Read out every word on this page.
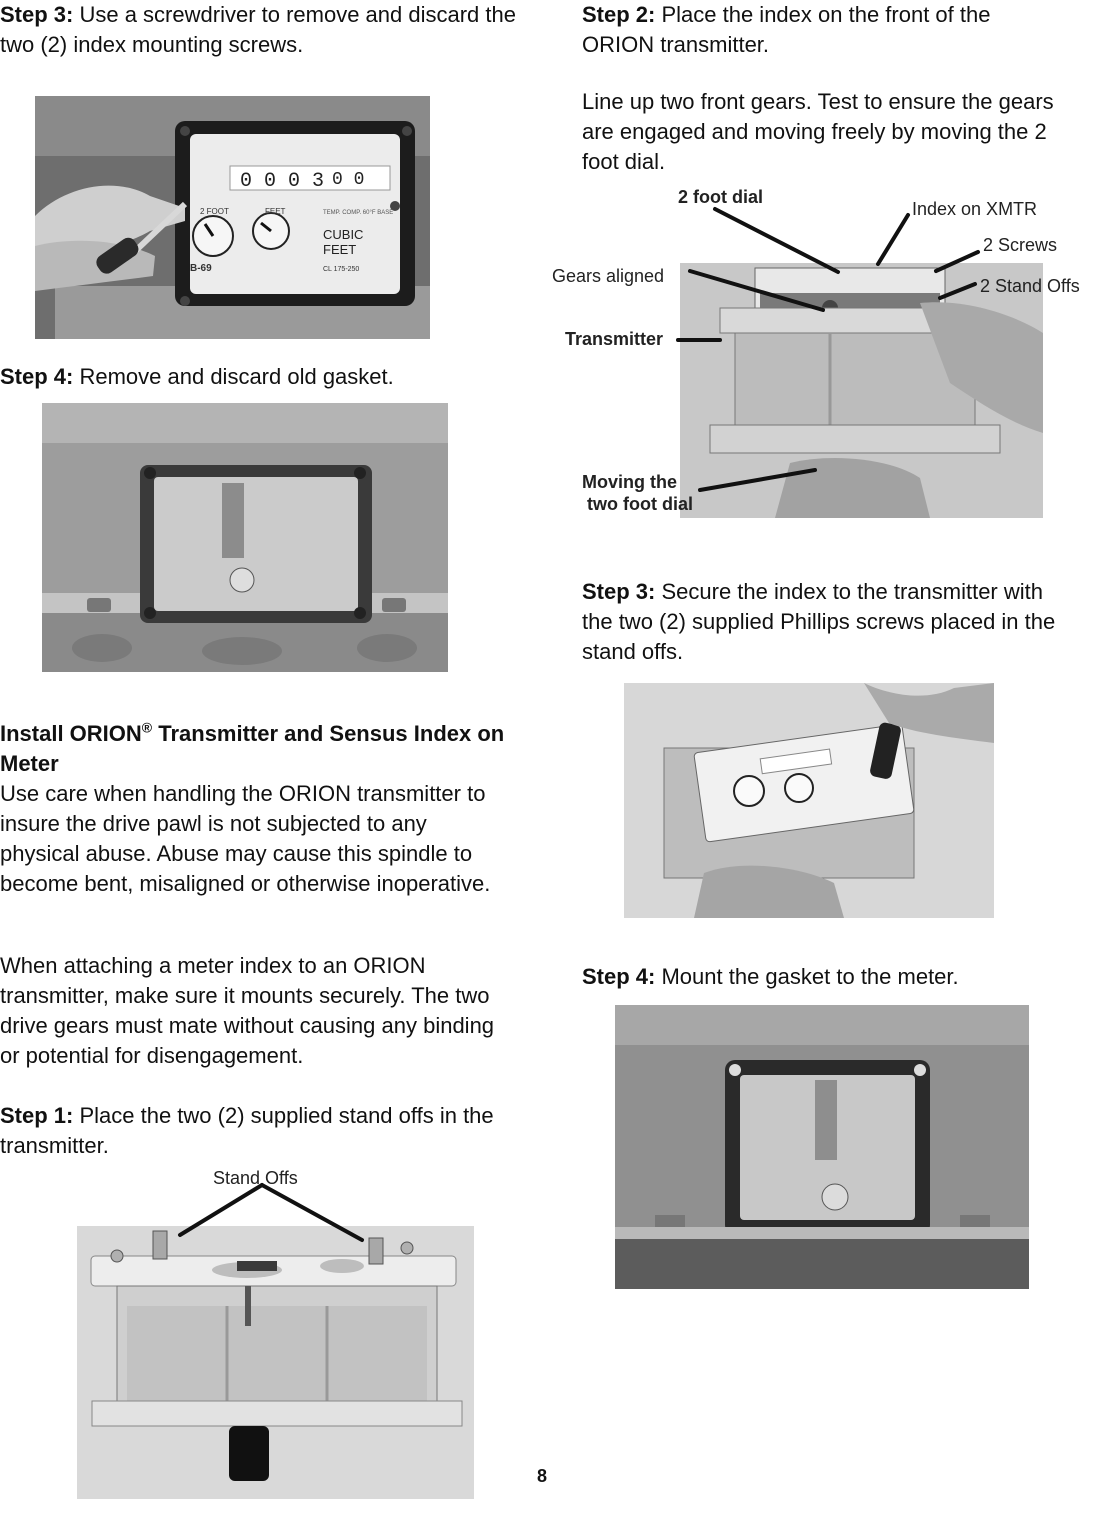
Step 3: Use a screwdriver to remove and discard the two (2) index mounting screws.
0 0 0 3 0 0
2 FOOT	FEET
B-69
TEMP. COMP. 60°F BASE
CUBIC
FEET
CL 175-250
Step 4: Remove and discard old gasket.
Install ORION® Transmitter and Sensus Index on Meter
Use care when handling the ORION transmitter to insure the drive pawl is not subjected to any physical abuse. Abuse may cause this spindle to become bent, misaligned or otherwise inoperative.
When attaching a meter index to an ORION transmitter, make sure it mounts securely. The two drive gears must mate without causing any binding or potential for disengagement.
Step 1: Place the two (2) supplied stand offs in the transmitter.
Stand Offs
Step 2: Place the index on the front of the ORION transmitter.
Line up two front gears. Test to ensure the gears are engaged and moving freely by moving the 2 foot dial.
2 foot dial
Index on XMTR
2 Screws
Gears aligned	2 Stand Offs
Transmitter
Moving the
two foot dial
Step 3: Secure the index to the transmitter with the two (2) supplied Phillips screws placed in the stand offs.
Step 4: Mount the gasket to the meter.
8
